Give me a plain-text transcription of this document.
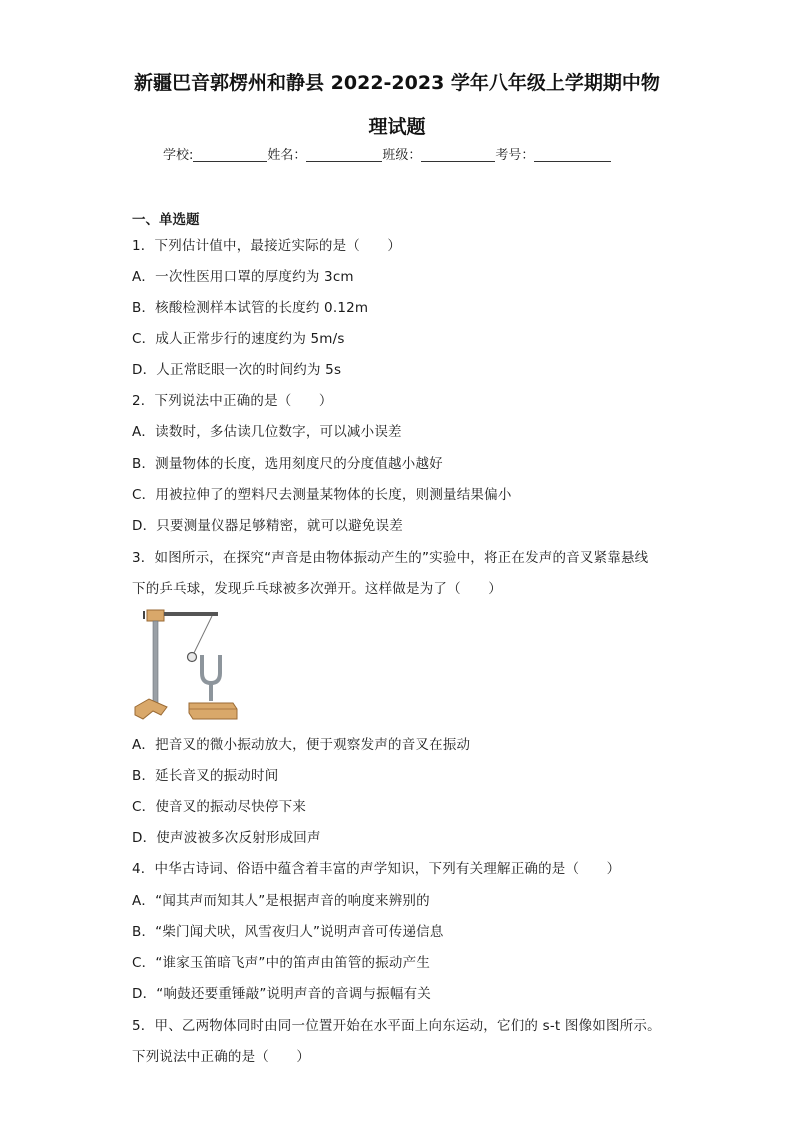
新疆巴音郭楞州和静县 2022-2023 学年八年级上学期期中物
理试题
学校:	姓名：	班级：	考号：
一、单选题
1．下列估计值中，最接近实际的是（　　）
A．一次性医用口罩的厚度约为 3cm
B．核酸检测样本试管的长度约 0.12m
C．成人正常步行的速度约为 5m/s
D．人正常眨眼一次的时间约为 5s
2．下列说法中正确的是（　　）
A．读数时，多估读几位数字，可以减小误差
B．测量物体的长度，选用刻度尺的分度值越小越好
C．用被拉伸了的塑料尺去测量某物体的长度，则测量结果偏小
D．只要测量仪器足够精密，就可以避免误差
3．如图所示，在探究“声音是由物体振动产生的”实验中，将正在发声的音叉紧靠悬线
下的乒乓球，发现乒乓球被多次弹开。这样做是为了（　　）
A．把音叉的微小振动放大，便于观察发声的音叉在振动
B．延长音叉的振动时间
C．使音叉的振动尽快停下来
D．使声波被多次反射形成回声
4．中华古诗词、俗语中蕴含着丰富的声学知识，下列有关理解正确的是（　　）
A．“闻其声而知其人”是根据声音的响度来辨别的
B．“柴门闻犬吠，风雪夜归人”说明声音可传递信息
C．“谁家玉笛暗飞声”中的笛声由笛管的振动产生
D．“响鼓还要重锤敲”说明声音的音调与振幅有关
5．甲、乙两物体同时由同一位置开始在水平面上向东运动，它们的 s-t 图像如图所示。
下列说法中正确的是（　　）
